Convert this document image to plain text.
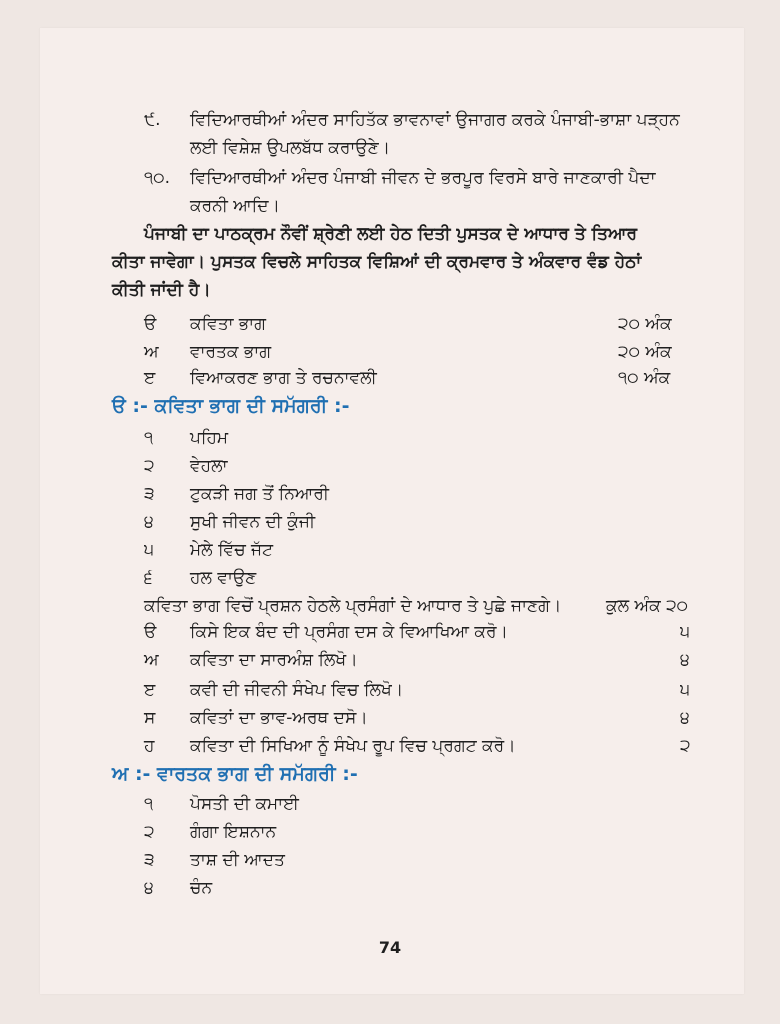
੯. ਵਿਦਿਆਰਥੀਆਂ ਅੰਦਰ ਸਾਹਿਤੱਕ ਭਾਵਨਾਵਾਂ ਉਜਾਗਰ ਕਰਕੇ ਪੰਜਾਬੀ-ਭਾਸ਼ਾ ਪੜ੍ਹਨ
ਲਈ ਵਿਸ਼ੇਸ਼ ਉਪਲਬੱਧ ਕਰਾਉਣੇ।
੧੦. ਵਿਦਿਆਰਥੀਆਂ ਅੰਦਰ ਪੰਜਾਬੀ ਜੀਵਨ ਦੇ ਭਰਪੂਰ ਵਿਰਸੇ ਬਾਰੇ ਜਾਣਕਾਰੀ ਪੈਦਾ
ਕਰਨੀ ਆਦਿ।
ਪੰਜਾਬੀ ਦਾ ਪਾਠਕ੍ਰਮ ਨੌਵੀਂ ਸ਼੍ਰੇਣੀ ਲਈ ਹੇਠ ਦਿਤੀ ਪੁਸਤਕ ਦੇ ਆਧਾਰ ਤੇ ਤਿਆਰ
ਕੀਤਾ ਜਾਵੇਗਾ। ਪੁਸਤਕ ਵਿਚਲੇ ਸਾਹਿਤਕ ਵਿਸ਼ਿਆਂ ਦੀ ਕ੍ਰਮਵਾਰ ਤੇ ਅੰਕਵਾਰ ਵੰਡ ਹੇਠਾਂ
ਕੀਤੀ ਜਾਂਦੀ ਹੈ।
ੳ ਕਵਿਤਾ ਭਾਗ	੨੦ ਅੰਕ
ਅ ਵਾਰਤਕ ਭਾਗ	੨੦ ਅੰਕ
ੲ ਵਿਆਕਰਣ ਭਾਗ ਤੇ ਰਚਨਾਵਲੀ	੧੦ ਅੰਕ
ੳ :- ਕਵਿਤਾ ਭਾਗ ਦੀ ਸਮੱਗਰੀ :-
੧ ਪਹਿਮ
੨ ਵੇਹਲਾ
੩ ਟੁਕੜੀ ਜਗ ਤੋਂ ਨਿਆਰੀ
੪ ਸੁਖੀ ਜੀਵਨ ਦੀ ਕੁੰਜੀ
੫ ਮੇਲੇ ਵਿੱਚ ਜੱਟ
੬ ਹਲ ਵਾਉਣ
ਕਵਿਤਾ ਭਾਗ ਵਿਚੋਂ ਪ੍ਰਸ਼ਨ ਹੇਠਲੇ ਪ੍ਰਸੰਗਾਂ ਦੇ ਆਧਾਰ ਤੇ ਪੁਛੇ ਜਾਣਗੇ।	ਕੁਲ ਅੰਕ ੨੦
ੳ ਕਿਸੇ ਇਕ ਬੰਦ ਦੀ ਪ੍ਰਸੰਗ ਦਸ ਕੇ ਵਿਆਖਿਆ ਕਰੋ।	੫
ਅ ਕਵਿਤਾ ਦਾ ਸਾਰਅੰਸ਼ ਲਿਖੋ।	੪
ੲ ਕਵੀ ਦੀ ਜੀਵਨੀ ਸੰਖੇਪ ਵਿਚ ਲਿਖੋ।	੫
ਸ ਕਵਿਤਾਂ ਦਾ ਭਾਵ-ਅਰਥ ਦਸੋ।	੪
ਹ ਕਵਿਤਾ ਦੀ ਸਿਖਿਆ ਨੂੰ ਸੰਖੇਪ ਰੂਪ ਵਿਚ ਪ੍ਰਗਟ ਕਰੋ।	੨
ਅ :- ਵਾਰਤਕ ਭਾਗ ਦੀ ਸਮੱਗਰੀ :-
੧ ਪੋਸਤੀ ਦੀ ਕਮਾਈ
੨ ਗੰਗਾ ਇਸ਼ਨਾਨ
੩ ਤਾਸ਼ ਦੀ ਆਦਤ
੪ ਚੰਨ
74
